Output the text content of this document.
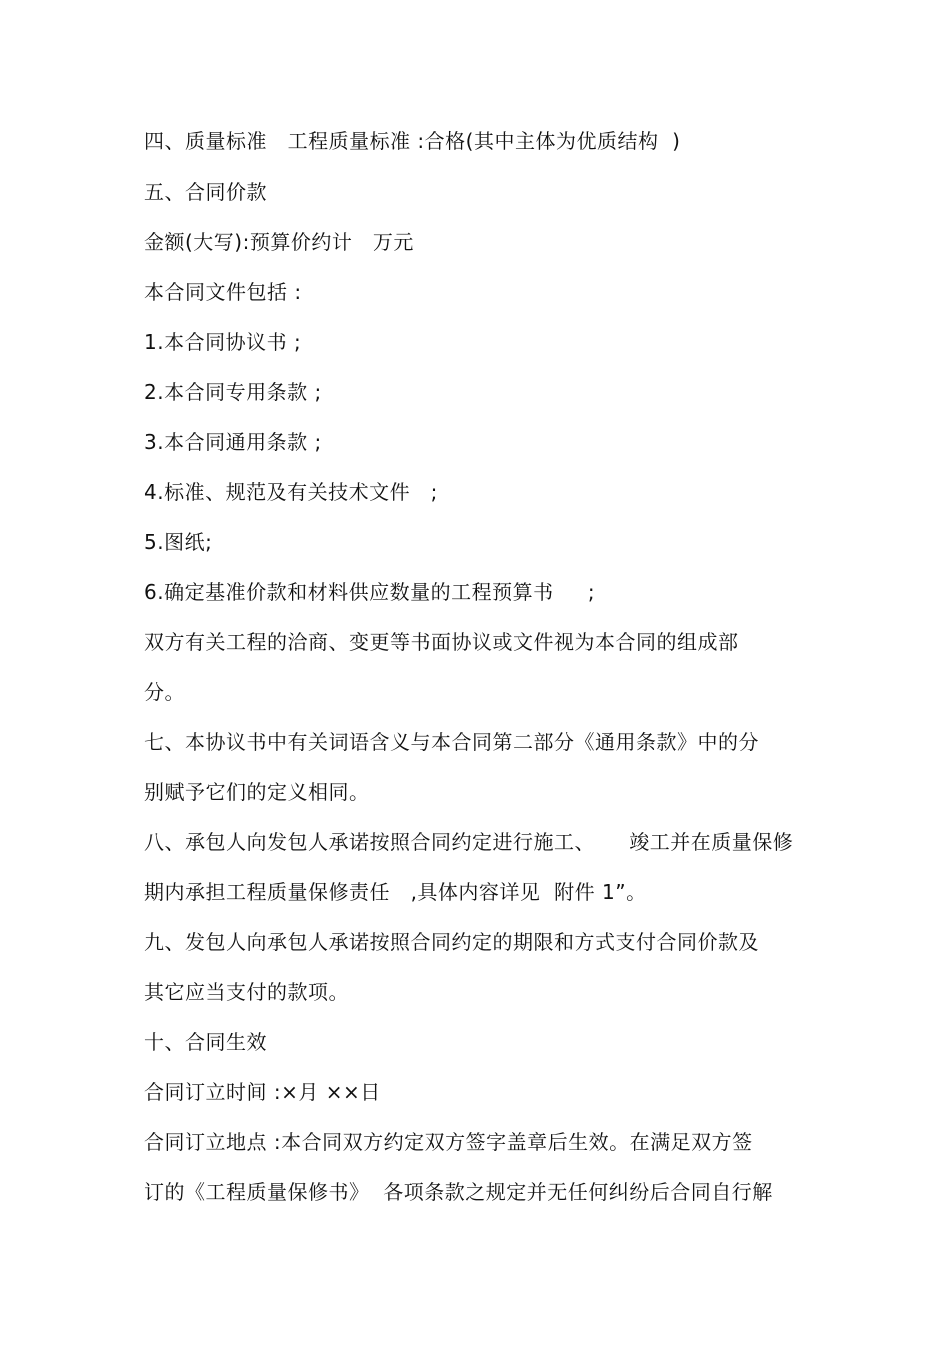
四、质量标准   工程质量标准 :合格(其中主体为优质结构  )
五、合同价款
金额(大写):预算价约计   万元
本合同文件包括 :
1.本合同协议书 ;
2.本合同专用条款 ;
3.本合同通用条款 ;
4.标准、规范及有关技术文件   ;
5.图纸;
6.确定基准价款和材料供应数量的工程预算书     ;
双方有关工程的洽商、变更等书面协议或文件视为本合同的组成部
分。
七、本协议书中有关词语含义与本合同第二部分《通用条款》中的分
别赋予它们的定义相同。
八、承包人向发包人承诺按照合同约定进行施工、     竣工并在质量保修
期内承担工程质量保修责任   ,具体内容详见  附件 1”。
九、发包人向承包人承诺按照合同约定的期限和方式支付合同价款及
其它应当支付的款项。
十、合同生效
合同订立时间 :×月 ××日
合同订立地点 :本合同双方约定双方签字盖章后生效。在满足双方签
订的《工程质量保修书》  各项条款之规定并无任何纠纷后合同自行解
